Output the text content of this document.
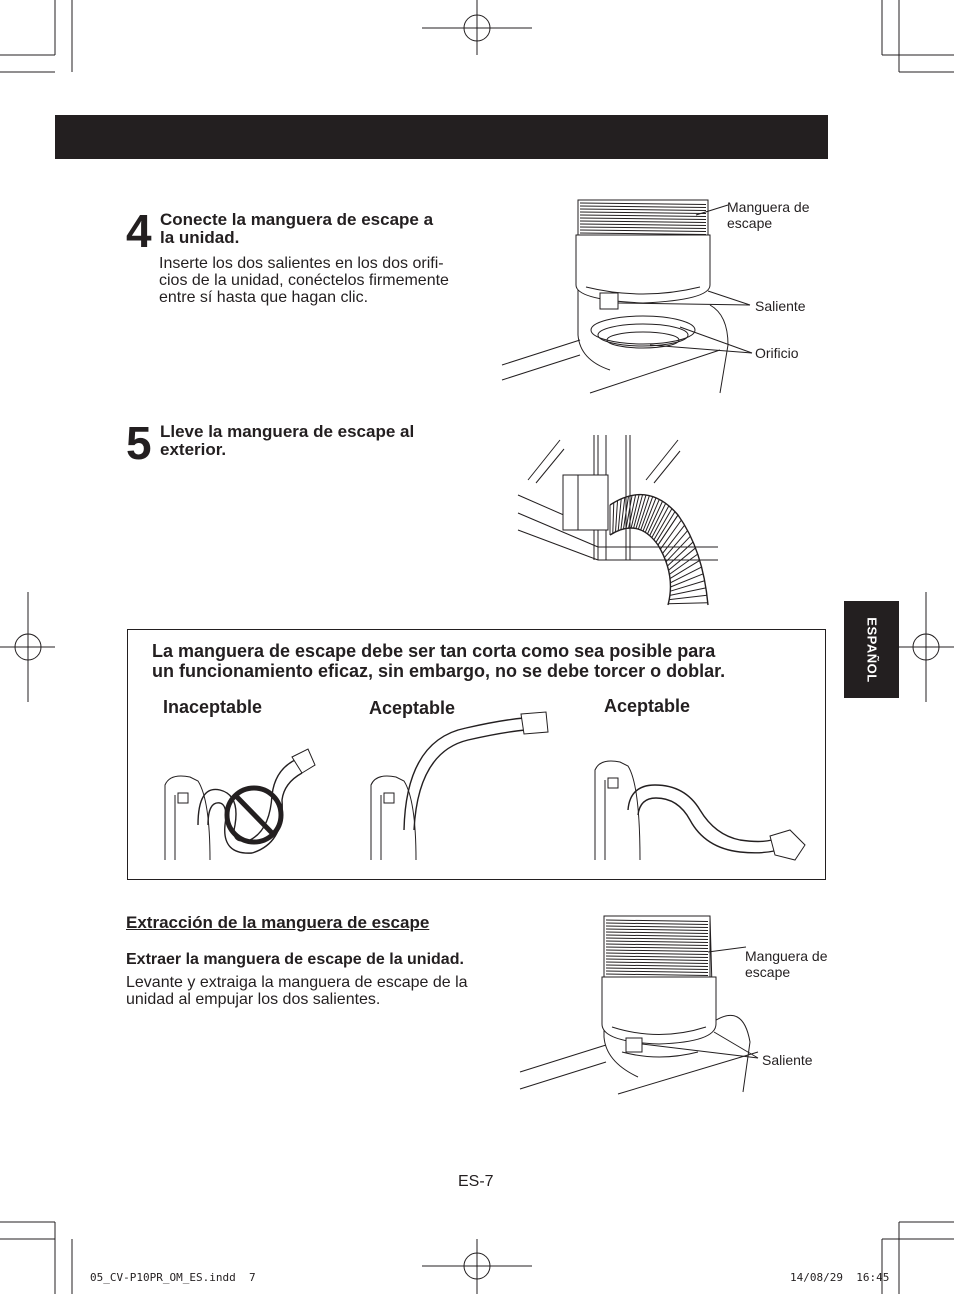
4 Conecte la manguera de escape a
la unidad.
Inserte los dos salientes en los dos orifi-
cios de la unidad, conéctelos firmemente
entre sí hasta que hagan clic.
Manguera de
escape
Saliente
Orificio
5 Lleve la manguera de escape al
exterior.
La manguera de escape debe ser tan corta como sea posible para
un funcionamiento eficaz, sin embargo, no se debe torcer o doblar.
Inaceptable	Aceptable	Aceptable
ESPAÑOL
Extracción de la manguera de escape
Extraer la manguera de escape de la unidad.
Levante y extraiga la manguera de escape de la
unidad al empujar los dos salientes.
Manguera de
escape
Saliente
ES-7
05_CV-P10PR_OM_ES.indd  7	14/08/29  16:45
